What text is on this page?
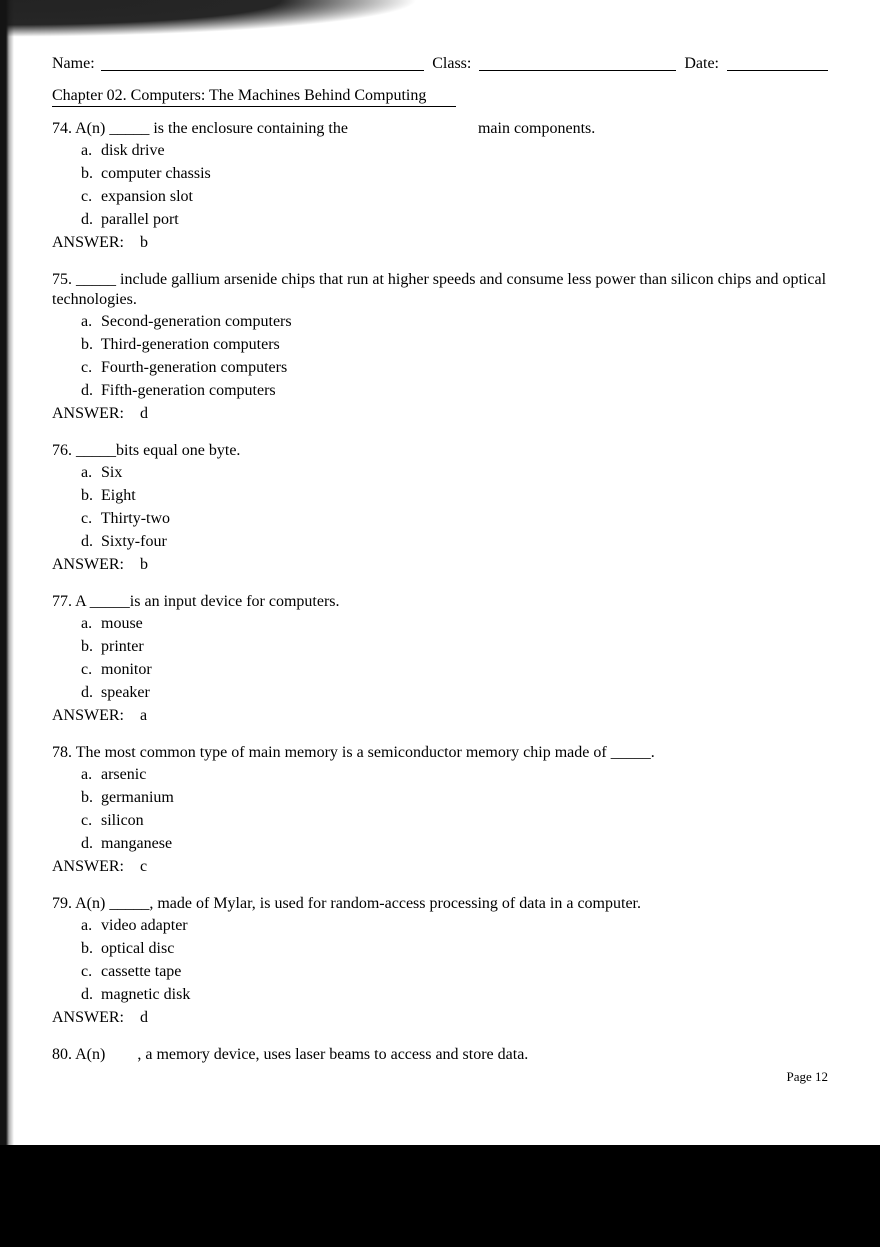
Name:	Class:	Date:
Chapter 02. Computers: The Machines Behind Computing

74. A(n) _____ is the enclosure containing the	main components.

a. disk drive

b. computer chassis

c. expansion slot

d. parallel port

ANSWER: b

75. _____ include gallium arsenide chips that run at higher speeds and consume less power than silicon chips and optical technologies.

a. Second-generation computers

b. Third-generation computers

c. Fourth-generation computers

d. Fifth-generation computers

ANSWER: d

76. _____bits equal one byte.

a. Six

b. Eight

c. Thirty-two

d. Sixty-four

ANSWER: b

77. A _____is an input device for computers.

a. mouse

b. printer

c. monitor

d. speaker

ANSWER: a

78. The most common type of main memory is a semiconductor memory chip made of _____.

a. arsenic

b. germanium

c. silicon

d. manganese

ANSWER: c

79. A(n) _____, made of Mylar, is used for random-access processing of data in a computer.

a. video adapter

b. optical disc

c. cassette tape

d. magnetic disk

ANSWER: d

80. A(n) , a memory device, uses laser beams to access and store data.

Page 12
